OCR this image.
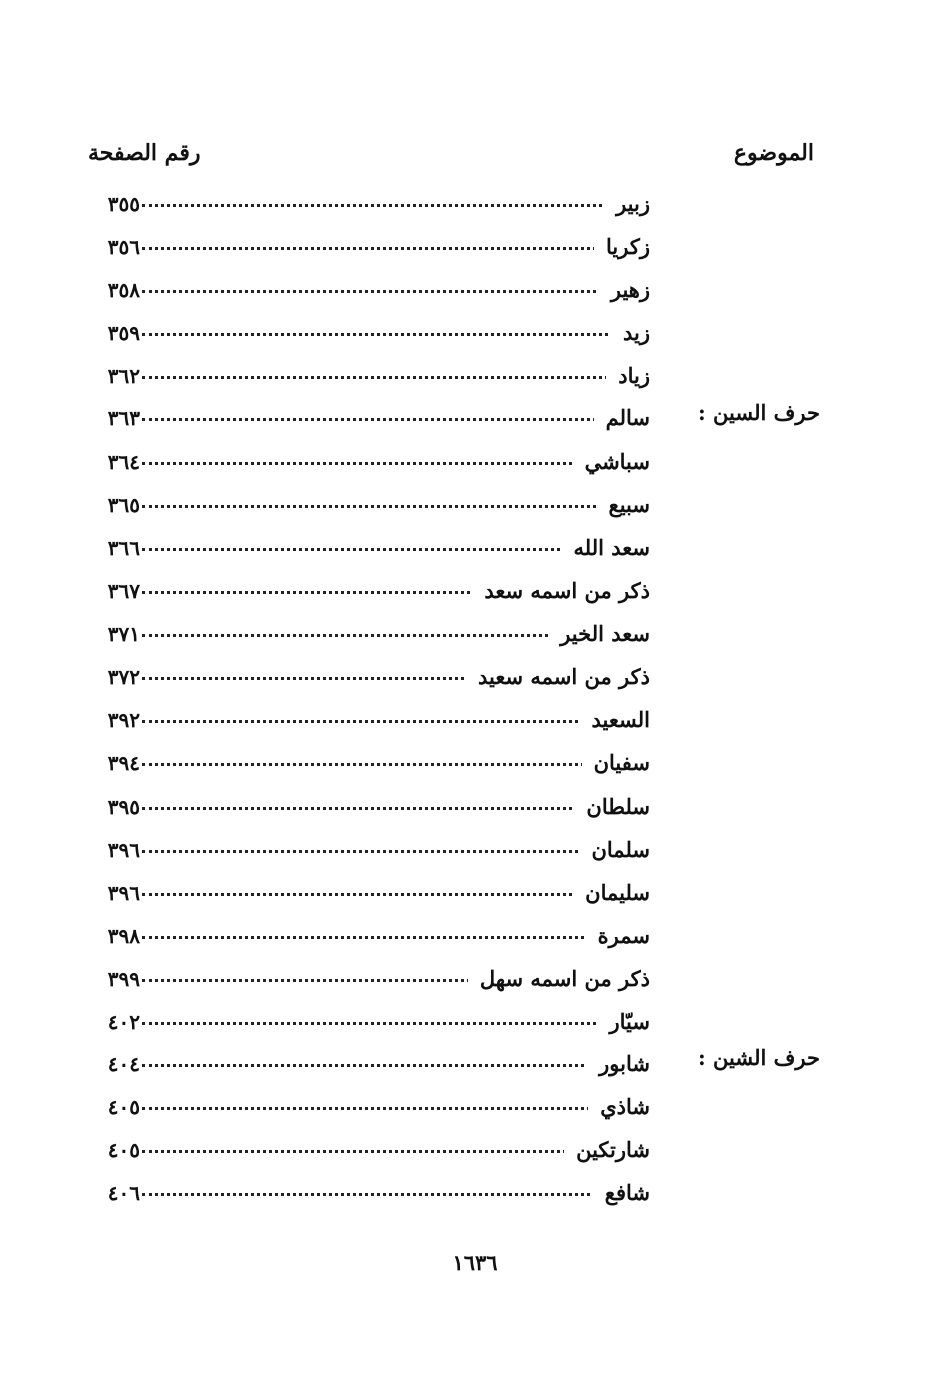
الموضوع
رقم الصفحة
حرف السين :
حرف الشين :
زبير
٣٥٥
زكريا
٣٥٦
زهير
٣٥٨
زيد
٣٥٩
زياد
٣٦٢
سالم
٣٦٣
سباشي
٣٦٤
سبيع
٣٦٥
سعد الله
٣٦٦
ذكر من اسمه سعد
٣٦٧
سعد الخير
٣٧١
ذكر من اسمه سعيد
٣٧٢
السعيد
٣٩٢
سفيان
٣٩٤
سلطان
٣٩٥
سلمان
٣٩٦
سليمان
٣٩٦
سمرة
٣٩٨
ذكر من اسمه سهل
٣٩٩
سيّار
٤٠٢
شابور
٤٠٤
شاذي
٤٠٥
شارتكين
٤٠٥
شافع
٤٠٦
١٦٣٦
